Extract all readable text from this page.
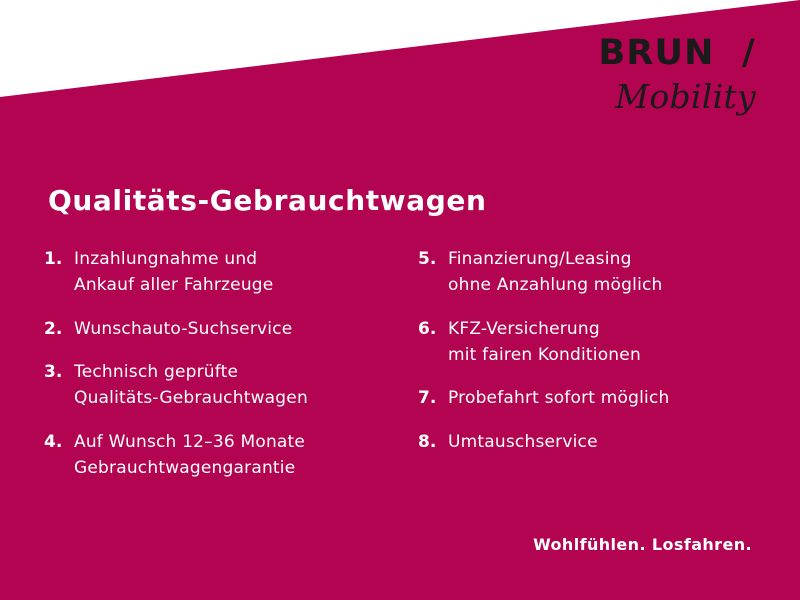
BRUNS/
Mobility
Qualitäts-Gebrauchtwagen
1. Inzahlungnahme und
Ankauf aller Fahrzeuge
2. Wunschauto-Suchservice
3. Technisch geprüfte
Qualitäts-Gebrauchtwagen
4. Auf Wunsch 12–36 Monate
Gebrauchtwagengarantie
5. Finanzierung/Leasing
ohne Anzahlung möglich
6. KFZ-Versicherung
mit fairen Konditionen
7. Probefahrt sofort möglich
8. Umtauschservice
Wohlfühlen. Losfahren.
